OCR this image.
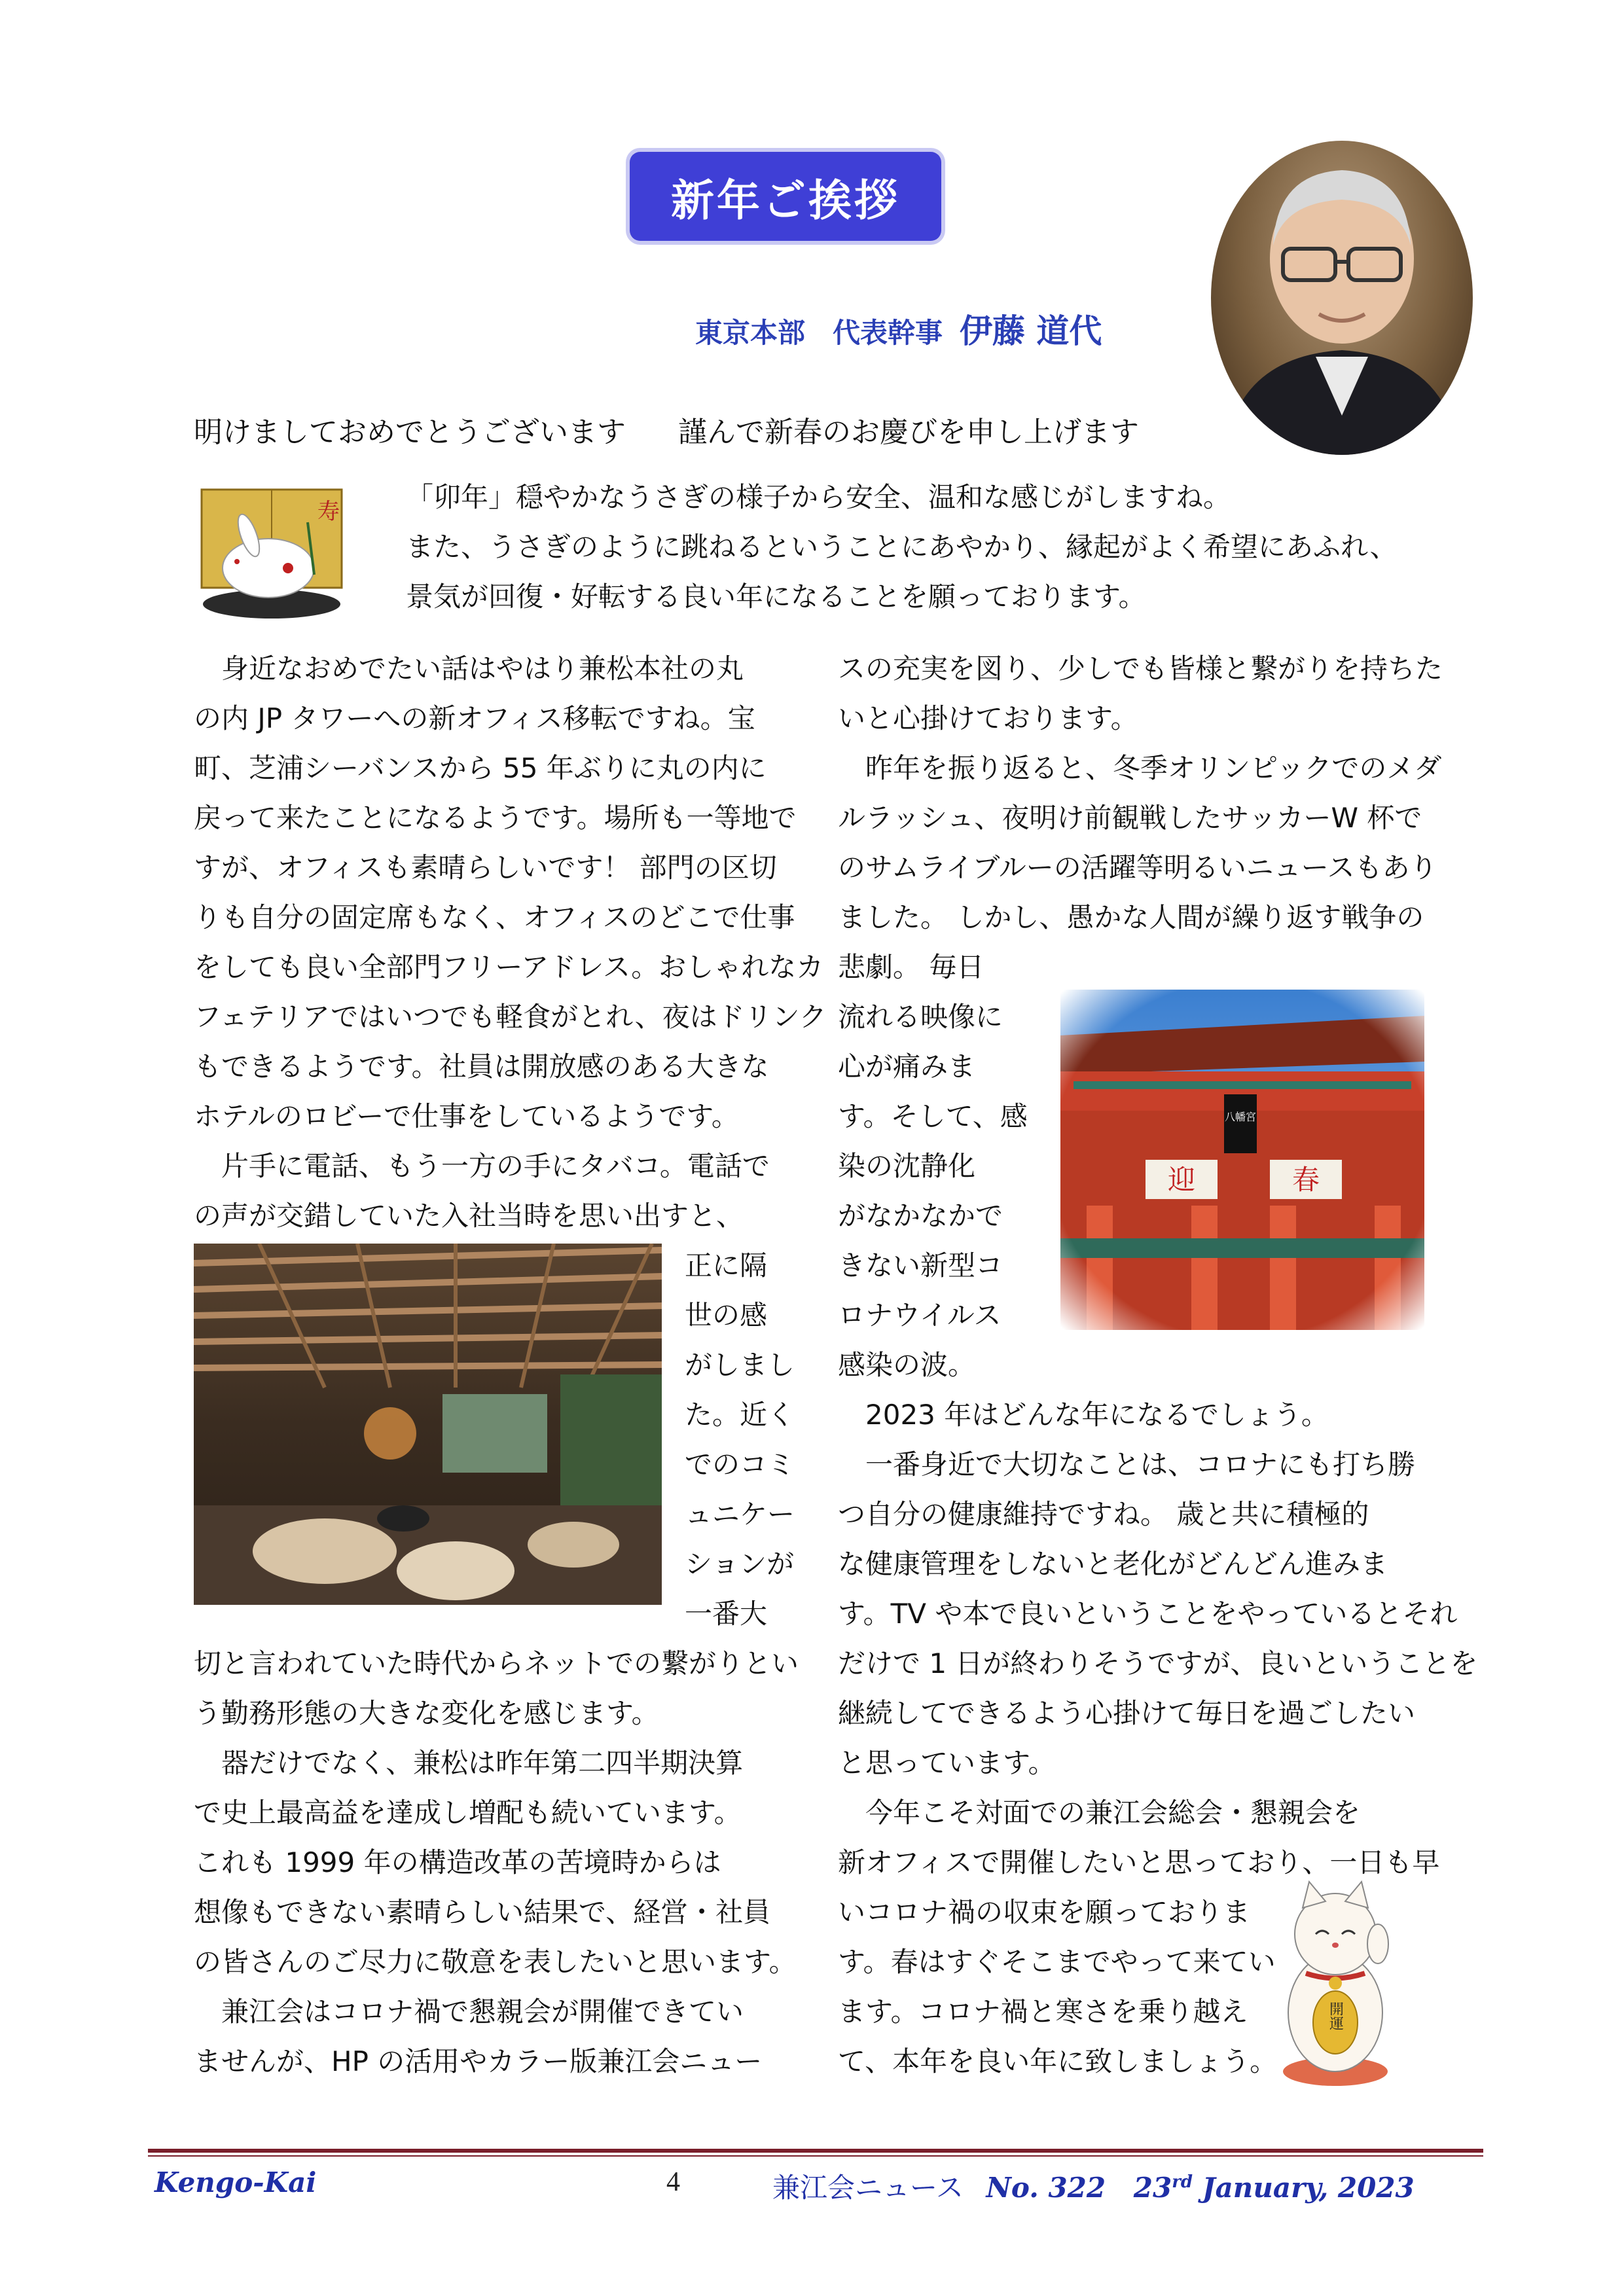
新年ご挨拶
東京本部　代表幹事 伊藤 道代
明けましておめでとうございます 謹んで新春のお慶びを申し上げます
寿 「卯年」穏やかなうさぎの様子から安全、温和な感じがしますね。

また、うさぎのように跳ねるということにあやかり、縁起がよく希望にあふれ、

景気が回復・好転する良い年になることを願っております。

　身近なおめでたい話はやはり兼松本社の丸
の内 JP タワーへの新オフィス移転ですね。宝
町、芝浦シーバンスから 55 年ぶりに丸の内に
戻って来たことになるようです。場所も一等地で
すが、オフィスも素晴らしいです！ 部門の区切
りも自分の固定席もなく、オフィスのどこで仕事
をしても良い全部門フリーアドレス。おしゃれなカ
フェテリアではいつでも軽食がとれ、夜はドリンク
もできるようです。社員は開放感のある大きな
ホテルのロビーで仕事をしているようです。
　片手に電話、もう一方の手にタバコ。電話で
の声が交錯していた入社当時を思い出すと、
正に隔
世の感
がしまし
た。近く
でのコミ
ュニケー
ションが
一番大
切と言われていた時代からネットでの繋がりとい
う勤務形態の大きな変化を感じます。
　器だけでなく、兼松は昨年第二四半期決算
で史上最高益を達成し増配も続いています。
これも 1999 年の構造改革の苦境時からは
想像もできない素晴らしい結果で、経営・社員
の皆さんのご尽力に敬意を表したいと思います。
　兼江会はコロナ禍で懇親会が開催できてい
ませんが、HP の活用やカラー版兼江会ニュー
スの充実を図り、少しでも皆様と繋がりを持ちた
いと心掛けております。
　昨年を振り返ると、冬季オリンピックでのメダ
ルラッシュ、夜明け前観戦したサッカーW 杯で
のサムライブルーの活躍等明るいニュースもあり
ました。 しかし、愚かな人間が繰り返す戦争の
悲劇。 毎日
流れる映像に
心が痛みま
す。そして、感
染の沈静化
がなかなかで
きない新型コ
ロナウイルス
感染の波。
　2023 年はどんな年になるでしょう。
　一番身近で大切なことは、コロナにも打ち勝
つ自分の健康維持ですね。 歳と共に積極的
な健康管理をしないと老化がどんどん進みま
す。TV や本で良いということをやっているとそれ
だけで 1 日が終わりそうですが、良いということを
継続してできるよう心掛けて毎日を過ごしたい
と思っています。
　今年こそ対面での兼江会総会・懇親会を
新オフィスで開催したいと思っており、一日も早
いコロナ禍の収束を願っておりま
す。春はすぐそこまでやって来てい
ます。コロナ禍と寒さを乗り越え
て、本年を良い年に致しましょう。
開運
Kengo-Kai	4	兼江会ニュース No. 322 23rd January, 2023
